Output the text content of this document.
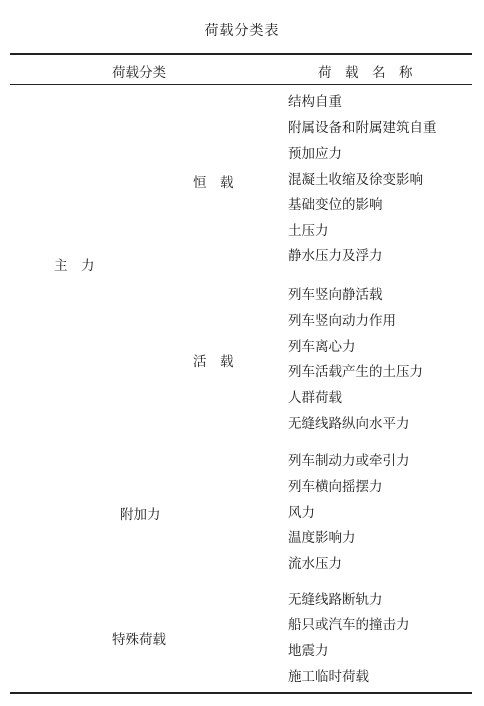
荷载分类表
荷载分类	荷　载　名　称
主　力
恒　载
活　载
附加力
特殊荷载
结构自重
附属设备和附属建筑自重
预加应力
混凝土收缩及徐变影响
基础变位的影响
土压力
静水压力及浮力
列车竖向静活载
列车竖向动力作用
列车离心力
列车活载产生的土压力
人群荷载
无缝线路纵向水平力
列车制动力或牵引力
列车横向摇摆力
风力
温度影响力
流水压力
无缝线路断轨力
船只或汽车的撞击力
地震力
施工临时荷载
